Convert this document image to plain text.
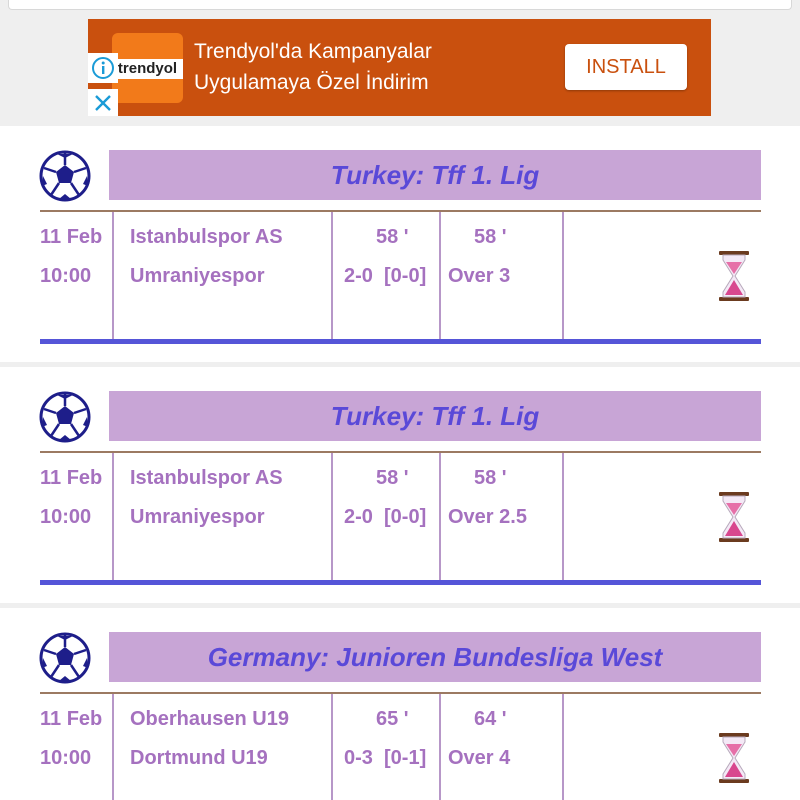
trendyol
Trendyol'da Kampanyalar
Uygulamaya Özel İndirim
INSTALL
Turkey: Tff 1. Lig
11 Feb
10:00
Istanbulspor AS
Umraniyespor
58 '
2-0  [0-0]
58 '
Over 3
Turkey: Tff 1. Lig
11 Feb
10:00
Istanbulspor AS
Umraniyespor
58 '
2-0  [0-0]
58 '
Over 2.5
Germany: Junioren Bundesliga West
11 Feb
10:00
Oberhausen U19
Dortmund U19
65 '
0-3  [0-1]
64 '
Over 4
